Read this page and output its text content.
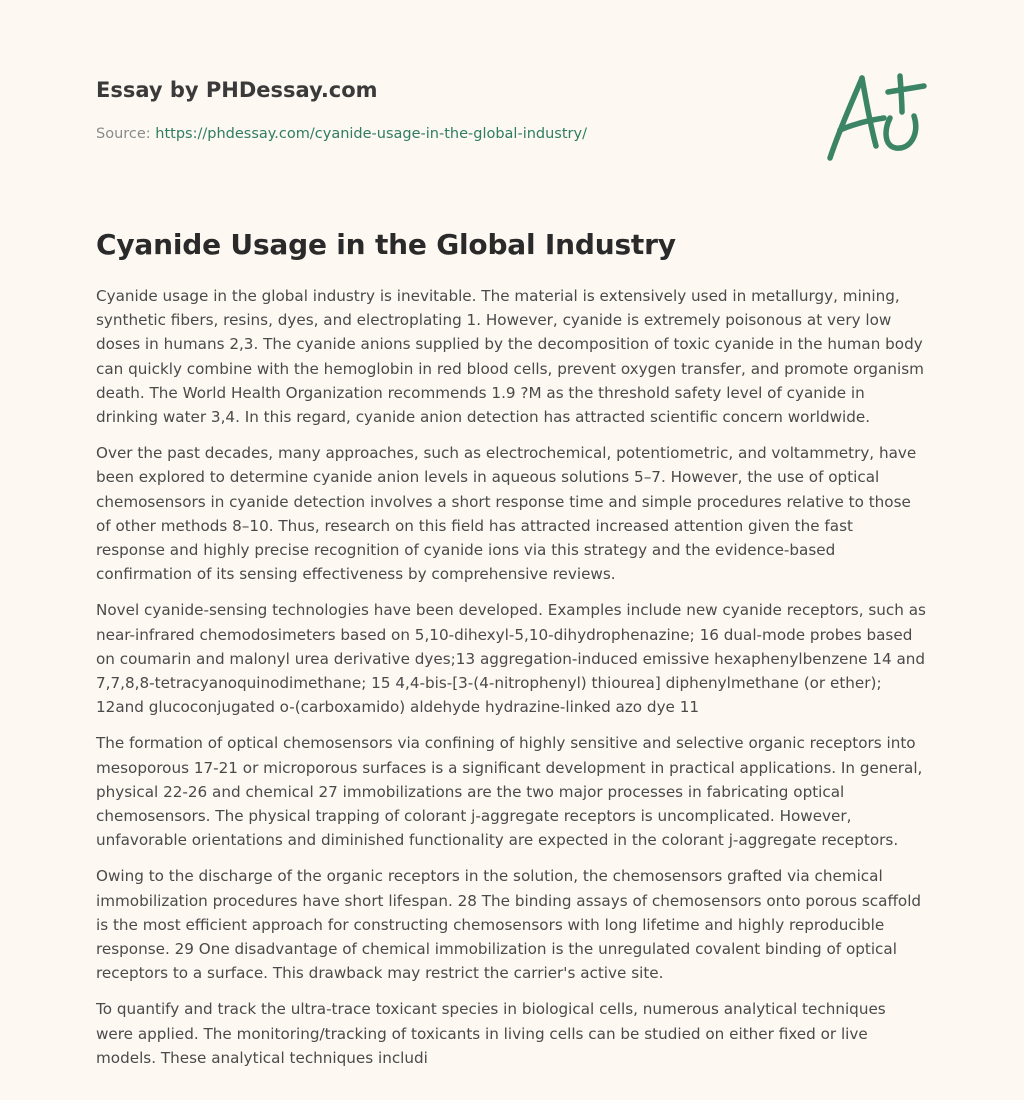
Essay by PHDessay.com
Source: https://phdessay.com/cyanide-usage-in-the-global-industry/
Cyanide Usage in the Global Industry

Cyanide usage in the global industry is inevitable. The material is extensively used in metallurgy, mining, synthetic fibers, resins, dyes, and electroplating 1. However, cyanide is extremely poisonous at very low doses in humans 2,3. The cyanide anions supplied by the decomposition of toxic cyanide in the human body can quickly combine with the hemoglobin in red blood cells, prevent oxygen transfer, and promote organism death. The World Health Organization recommends 1.9 ?M as the threshold safety level of cyanide in drinking water 3,4. In this regard, cyanide anion detection has attracted scientific concern worldwide.

Over the past decades, many approaches, such as electrochemical, potentiometric, and voltammetry, have been explored to determine cyanide anion levels in aqueous solutions 5–7. However, the use of optical chemosensors in cyanide detection involves a short response time and simple procedures relative to those of other methods 8–10. Thus, research on this field has attracted increased attention given the fast response and highly precise recognition of cyanide ions via this strategy and the evidence-based confirmation of its sensing effectiveness by comprehensive reviews.

Novel cyanide-sensing technologies have been developed. Examples include new cyanide receptors, such as near-infrared chemodosimeters based on 5,10-dihexyl-5,10-dihydrophenazine; 16 dual-mode probes based on coumarin and malonyl urea derivative dyes;13 aggregation-induced emissive hexaphenylbenzene 14 and 7,7,8,8-tetracyanoquinodimethane; 15 4,4-bis-[3-(4-nitrophenyl) thiourea] diphenylmethane (or ether); 12and glucoconjugated o-(carboxamido) aldehyde hydrazine-linked azo dye 11

The formation of optical chemosensors via confining of highly sensitive and selective organic receptors into mesoporous 17-21 or microporous surfaces is a significant development in practical applications. In general, physical 22-26 and chemical 27 immobilizations are the two major processes in fabricating optical chemosensors. The physical trapping of colorant j-aggregate receptors is uncomplicated. However, unfavorable orientations and diminished functionality are expected in the colorant j-aggregate receptors.

Owing to the discharge of the organic receptors in the solution, the chemosensors grafted via chemical immobilization procedures have short lifespan. 28 The binding assays of chemosensors onto porous scaffold is the most efficient approach for constructing chemosensors with long lifetime and highly reproducible response. 29 One disadvantage of chemical immobilization is the unregulated covalent binding of optical receptors to a surface. This drawback may restrict the carrier's active site.

To quantify and track the ultra-trace toxicant species in biological cells, numerous analytical techniques were applied. The monitoring/tracking of toxicants in living cells can be studied on either fixed or live models. These analytical techniques includi
